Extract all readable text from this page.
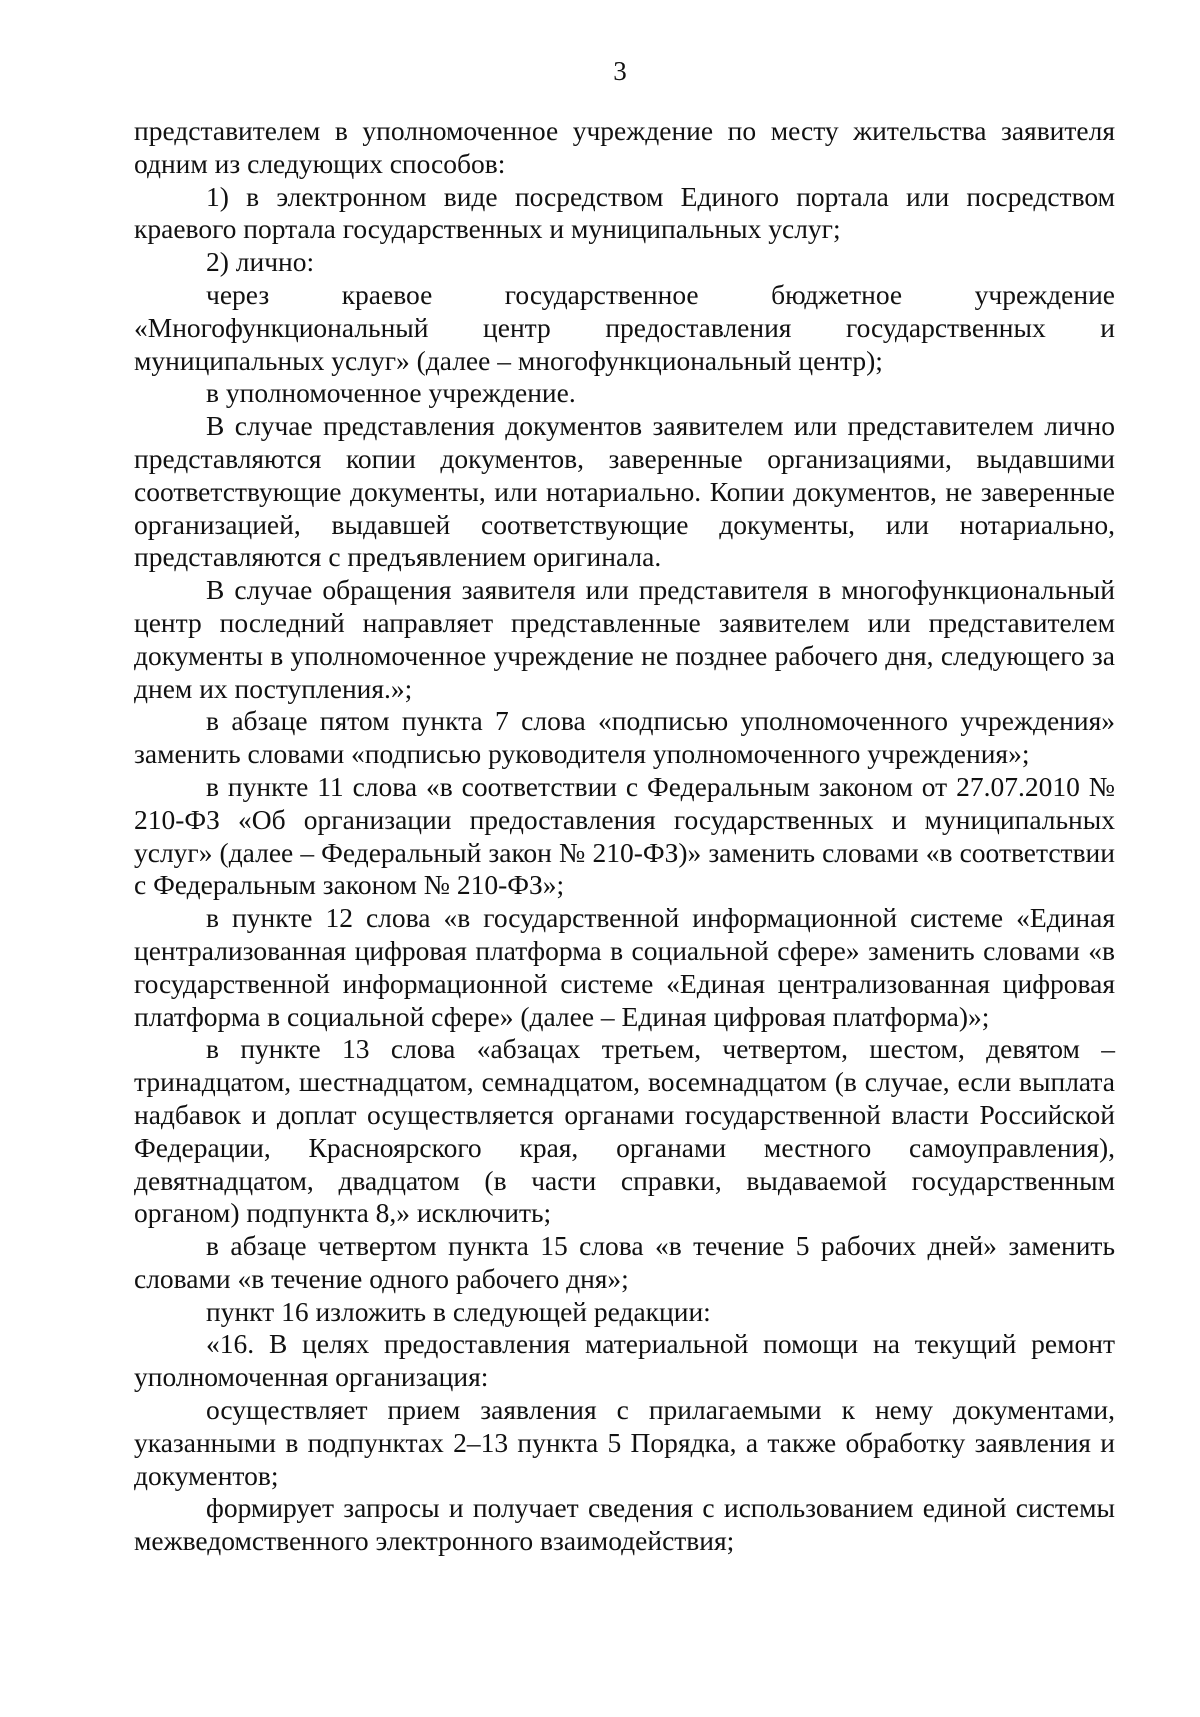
3

представителем в уполномоченное учреждение по месту жительства заявителя одним из следующих способов:

1) в электронном виде посредством Единого портала или посредством краевого портала государственных и муниципальных услуг;

2) лично:

через краевое государственное бюджетное учреждение «Многофункциональный центр предоставления государственных и муниципальных услуг» (далее – многофункциональный центр);

в уполномоченное учреждение.

В случае представления документов заявителем или представителем лично представляются копии документов, заверенные организациями, выдавшими соответствующие документы, или нотариально. Копии документов, не заверенные организацией, выдавшей соответствующие документы, или нотариально, представляются с предъявлением оригинала.

В случае обращения заявителя или представителя в многофункциональный центр последний направляет представленные заявителем или представителем документы в уполномоченное учреждение не позднее рабочего дня, следующего за днем их поступления.»;

в абзаце пятом пункта 7 слова «подписью уполномоченного учреждения» заменить словами «подписью руководителя уполномоченного учреждения»;

в пункте 11 слова «в соответствии с Федеральным законом от 27.07.2010 № 210-ФЗ «Об организации предоставления государственных и муниципальных услуг» (далее – Федеральный закон № 210-ФЗ)» заменить словами «в соответствии с Федеральным законом № 210-ФЗ»;

в пункте 12 слова «в государственной информационной системе «Единая централизованная цифровая платформа в социальной сфере» заменить словами «в государственной информационной системе «Единая централизованная цифровая платформа в социальной сфере» (далее – Единая цифровая платформа)»;

в пункте 13 слова «абзацах третьем, четвертом, шестом, девятом – тринадцатом, шестнадцатом, семнадцатом, восемнадцатом (в случае, если выплата надбавок и доплат осуществляется органами государственной власти Российской Федерации, Красноярского края, органами местного самоуправления), девятнадцатом, двадцатом (в части справки, выдаваемой государственным органом) подпункта 8,» исключить;

в абзаце четвертом пункта 15 слова «в течение 5 рабочих дней» заменить словами «в течение одного рабочего дня»;

пункт 16 изложить в следующей редакции:

«16. В целях предоставления материальной помощи на текущий ремонт уполномоченная организация:

осуществляет прием заявления с прилагаемыми к нему документами, указанными в подпунктах 2–13 пункта 5 Порядка, а также обработку заявления и документов;

формирует запросы и получает сведения с использованием единой системы межведомственного электронного взаимодействия;
